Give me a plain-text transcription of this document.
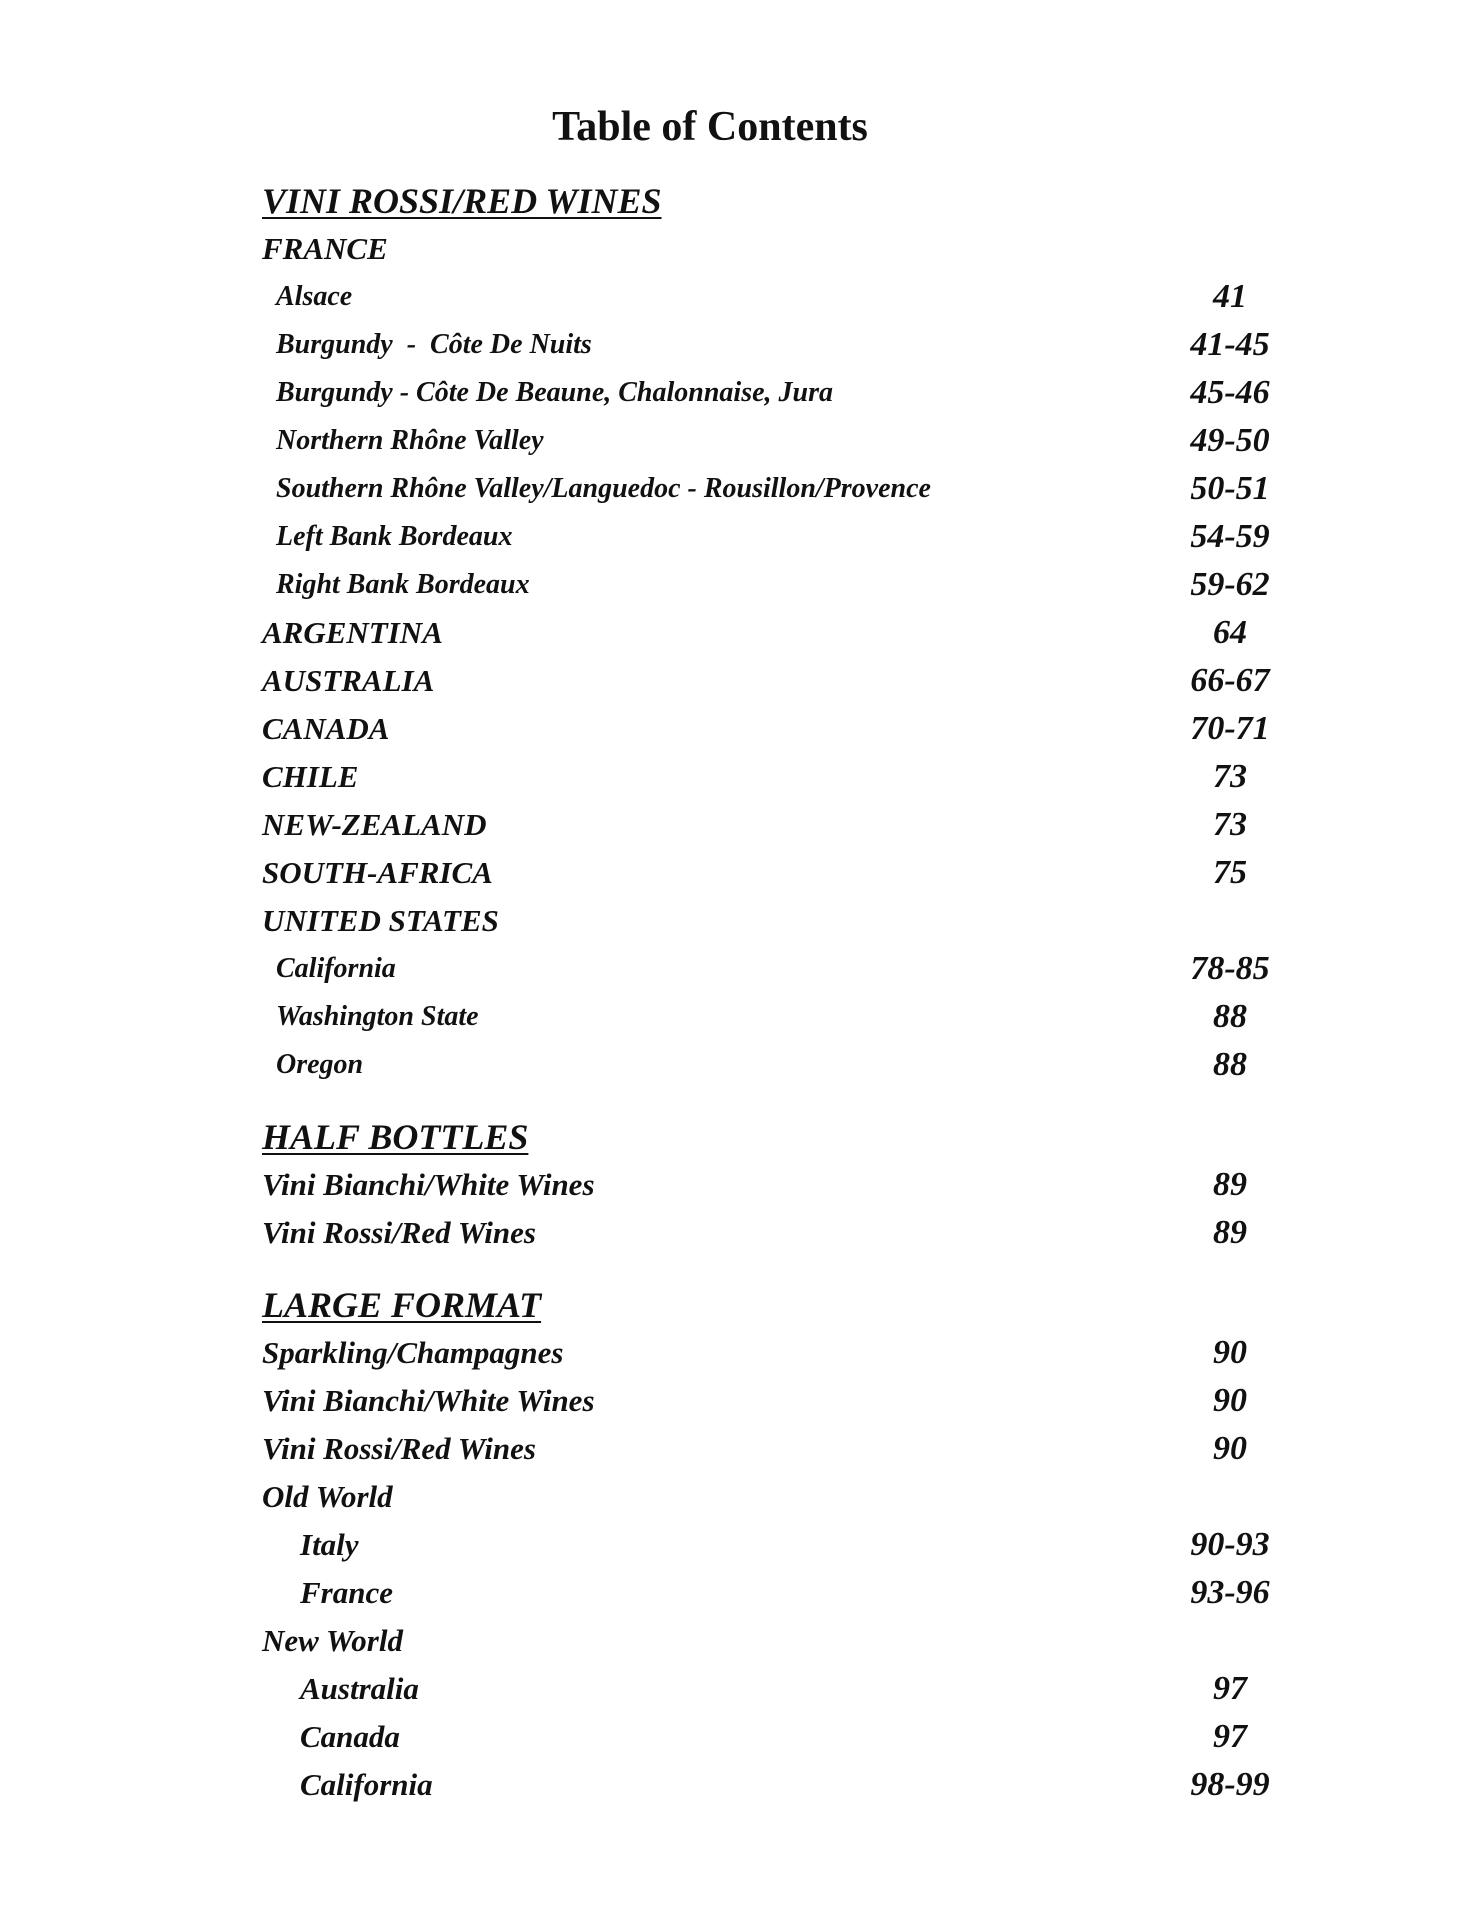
Table of Contents
VINI ROSSI/RED WINES
FRANCE
Alsace	41
Burgundy  -  Côte De Nuits	41-45
Burgundy - Côte De Beaune, Chalonnaise, Jura	45-46
Northern Rhône Valley	49-50
Southern Rhône Valley/Languedoc - Rousillon/Provence	50-51
Left Bank Bordeaux	54-59
Right Bank Bordeaux	59-62
ARGENTINA	64
AUSTRALIA	66-67
CANADA	70-71
CHILE	73
NEW-ZEALAND	73
SOUTH-AFRICA	75
UNITED STATES
California	78-85
Washington State	88
Oregon	88
HALF BOTTLES
Vini Bianchi/White Wines	89
Vini Rossi/Red Wines	89
LARGE FORMAT
Sparkling/Champagnes	90
Vini Bianchi/White Wines	90
Vini Rossi/Red Wines	90
Old World
Italy	90-93
France	93-96
New World
Australia	97
Canada	97
California	98-99
